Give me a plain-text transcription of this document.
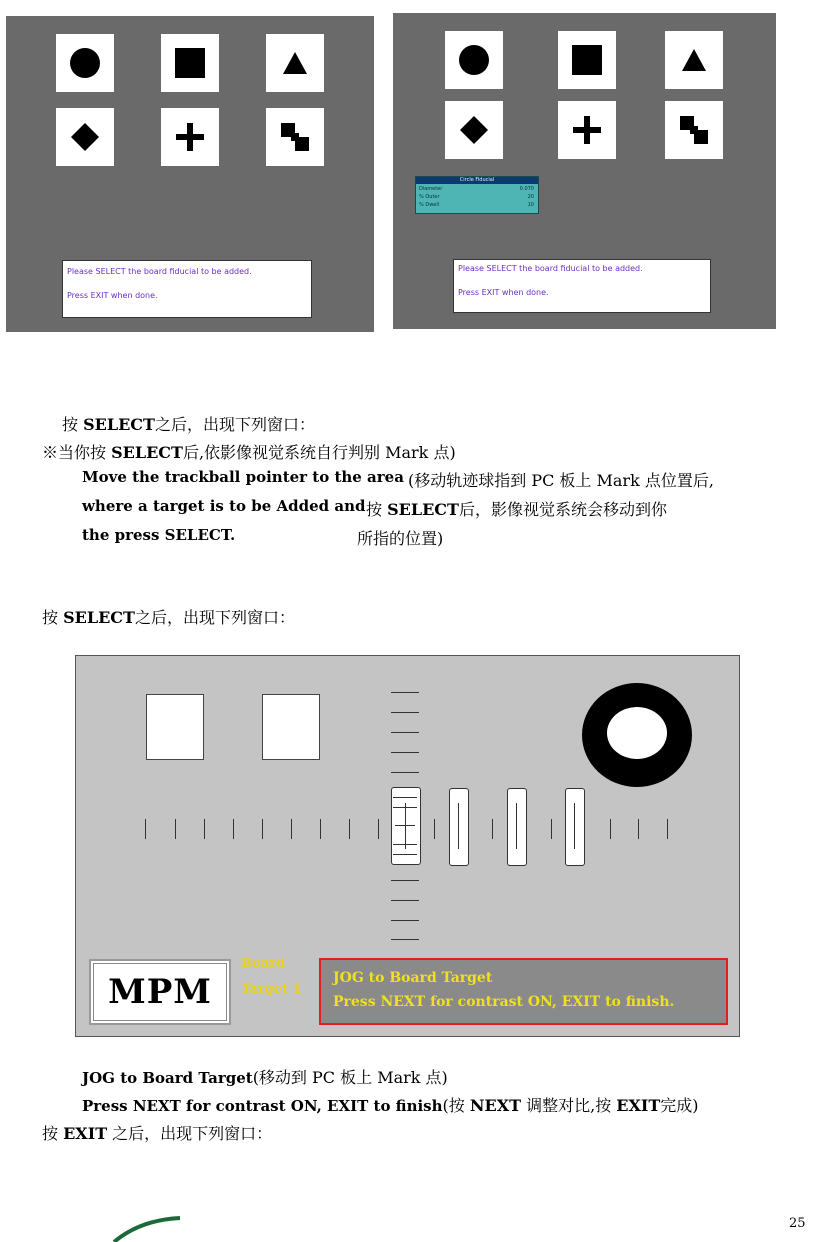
Please SELECT the board fiducial to be added.
Press EXIT when done.
Please SELECT the board fiducial to be added.
Press EXIT when done.
Circle Fiducial
Diameter	0.070
% Outer	20
% Dwell	10
按 SELECT之后，出现下列窗口：
※当你按 SELECT后,依影像视觉系统自行判别 Mark 点)
Move the trackball pointer to the area (移动轨迹球指到 PC 板上 Mark 点位置后,
where a target is to be Added and 按 SELECT后，影像视觉系统会移动到你
the press SELECT.	所指的位置)
按 SELECT之后，出现下列窗口：
MPM
Board
Target 1
JOG to Board Target
Press NEXT for contrast ON, EXIT to finish.
JOG to Board Target(移动到 PC 板上 Mark 点)
Press NEXT for contrast ON, EXIT to finish(按 NEXT 调整对比,按 EXIT完成)
按 EXIT 之后，出现下列窗口：
25
